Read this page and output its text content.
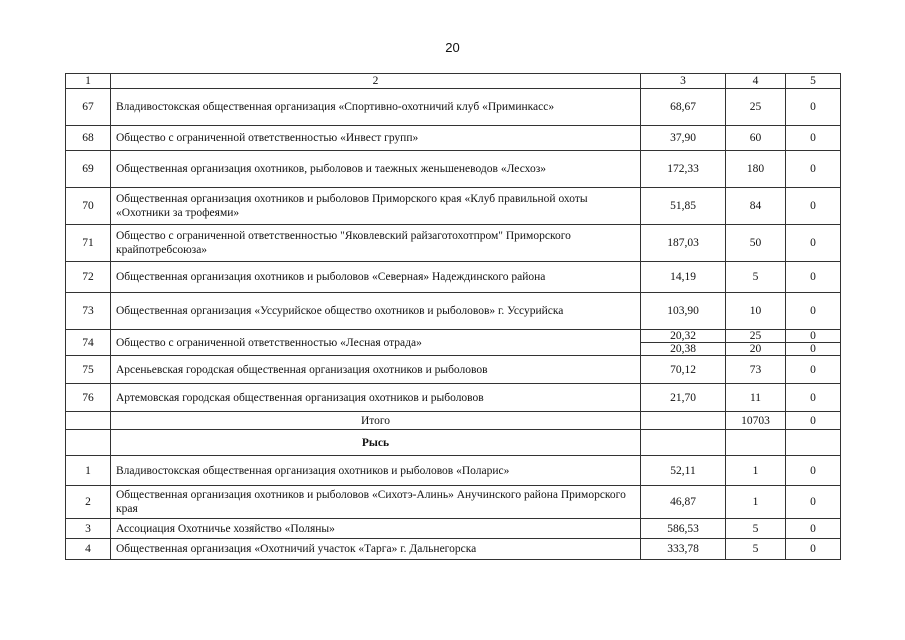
20
1	2	3	4	5
67	Владивостокская общественная организация «Спортивно-охотничий клуб «Приминкасс»	68,67	25	0
68	Общество с ограниченной ответственностью «Инвест групп»	37,90	60	0
69	Общественная организация охотников, рыболовов и таежных женьшеневодов «Лесхоз»	172,33	180	0
70	Общественная организация охотников и рыболовов Приморского края «Клуб правильной охоты «Охотники за трофеями»	51,85	84	0
71	Общество с ограниченной ответственностью "Яковлевский райзаготохотпром" Приморского крайпотребсоюза»	187,03	50	0
72	Общественная организация охотников и рыболовов «Северная» Надеждинского района	14,19	5	0
73	Общественная организация «Уссурийское общество охотников и рыболовов» г. Уссурийска	103,90	10	0
74	Общество с ограниченной ответственностью «Лесная отрада»	20,32	25	0
		20,38	20	0
75	Арсеньевская городская общественная организация охотников и рыболовов	70,12	73	0
76	Артемовская городская общественная организация охотников и рыболовов	21,70	11	0
	Итого		10703	0
	Рысь			
1	Владивостокская общественная организация охотников и рыболовов «Поларис»	52,11	1	0
2	Общественная организация охотников и рыболовов «Сихотэ-Алинь» Анучинского района Приморского края	46,87	1	0
3	Ассоциация Охотничье хозяйство «Поляны»	586,53	5	0
4	Общественная организация «Охотничий участок «Тарга» г. Дальнегорска	333,78	5	0
